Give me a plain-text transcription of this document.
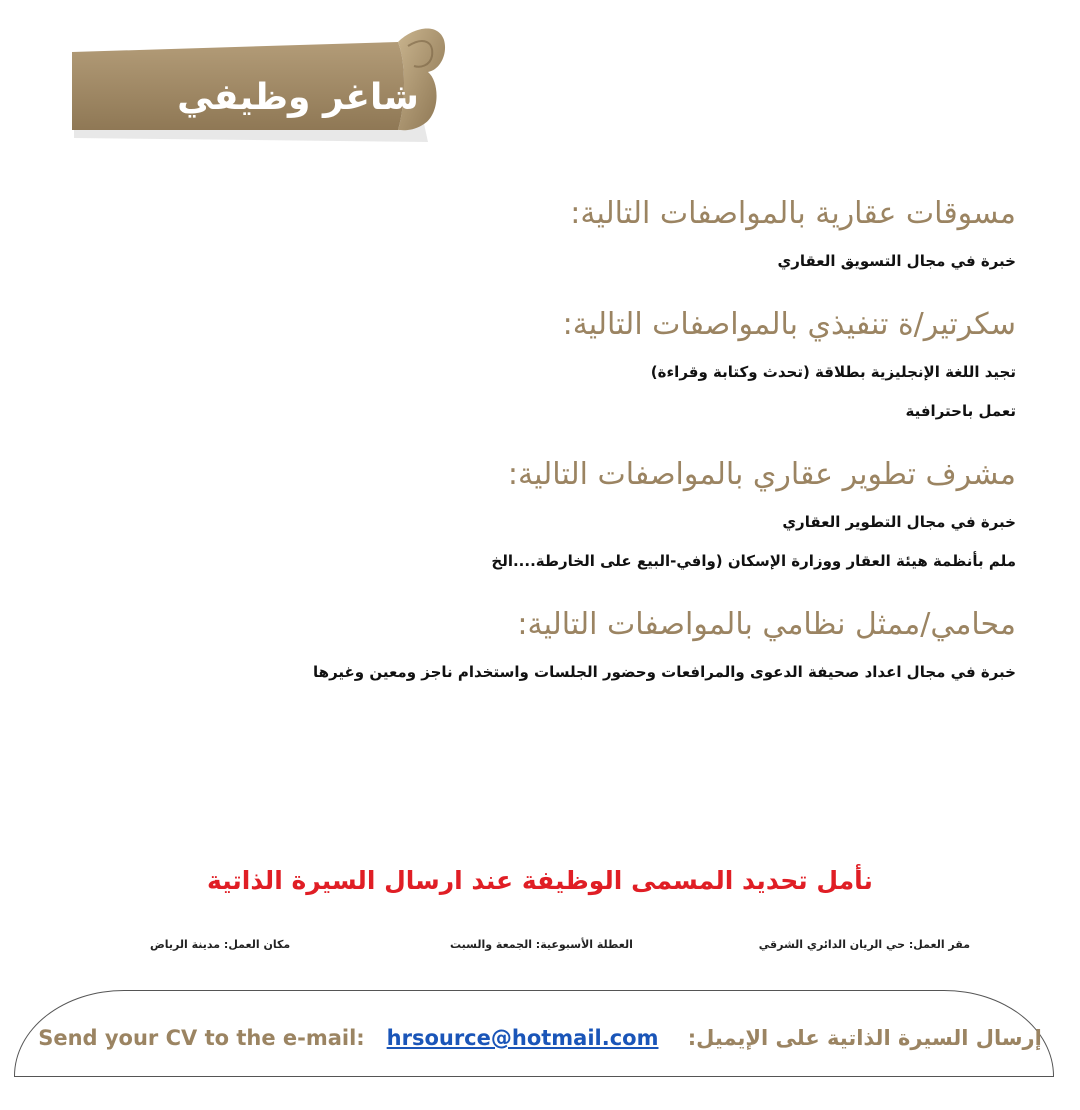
شاغر وظيفي
مسوقات عقارية بالمواصفات التالية:

خبرة في مجال التسويق العقاري

سكرتير/ة تنفيذي بالمواصفات التالية:

تجيد اللغة الإنجليزية بطلاقة (تحدث وكتابة وقراءة)

تعمل باحترافية

مشرف تطوير عقاري بالمواصفات التالية:

خبرة في مجال التطوير العقاري

ملم بأنظمة هيئة العقار ووزارة الإسكان (وافي-البيع على الخارطة....الخ

محامي/ممثل نظامي بالمواصفات التالية:

خبرة في مجال اعداد صحيفة الدعوى والمرافعات وحضور الجلسات واستخدام ناجز ومعين وغيرها

نأمل تحديد المسمى الوظيفة عند ارسال السيرة الذاتية
مقر العمل: حي الريان الدائري الشرقي
العطلة الأسبوعية: الجمعة والسبت
مكان العمل: مدينة الرياض
Send your CV to the e-mail: hrsource@hotmail.com إرسال السيرة الذاتية على الإيميل:
